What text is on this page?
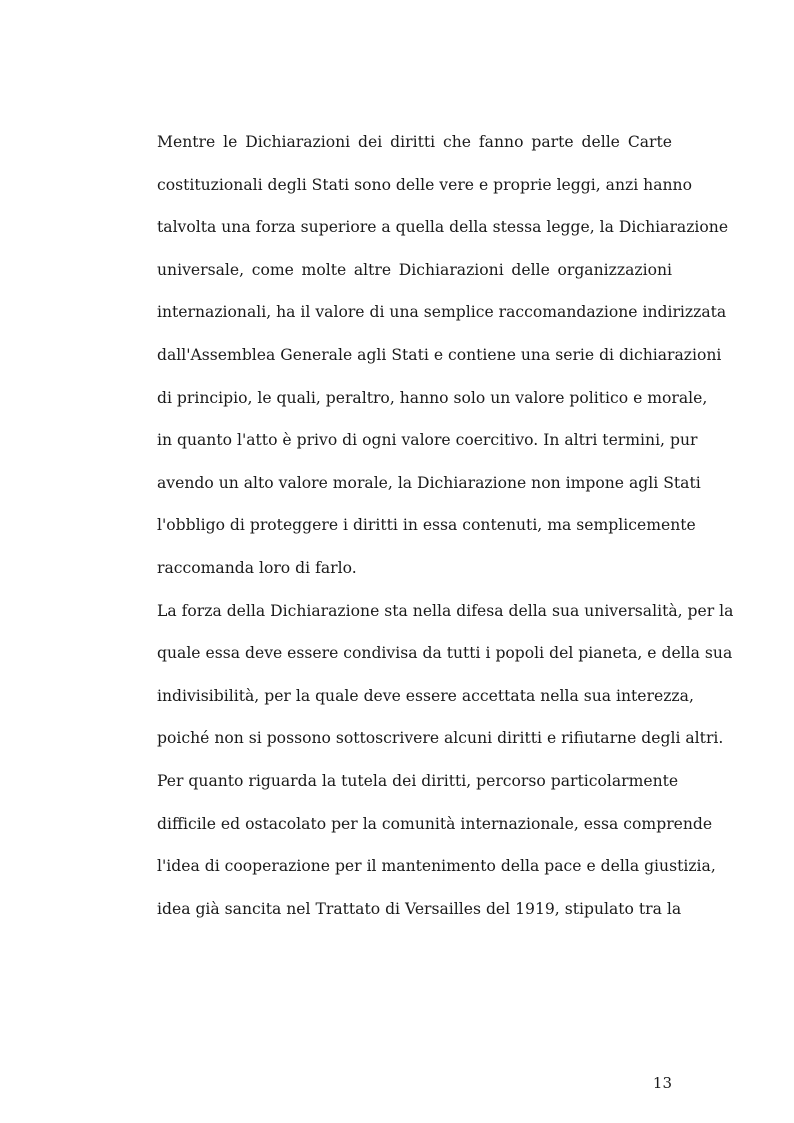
Mentre le Dichiarazioni dei diritti che fanno parte delle Carte
costituzionali degli Stati sono delle vere e proprie leggi, anzi hanno
talvolta una forza superiore a quella della stessa legge, la Dichiarazione
universale, come molte altre Dichiarazioni delle organizzazioni
internazionali, ha il valore di una semplice raccomandazione indirizzata
dall'Assemblea Generale agli Stati e contiene una serie di dichiarazioni
di principio, le quali, peraltro, hanno solo un valore politico e morale,
in quanto l'atto è privo di ogni valore coercitivo. In altri termini, pur
avendo un alto valore morale, la Dichiarazione non impone agli Stati
l'obbligo di proteggere i diritti in essa contenuti, ma semplicemente
raccomanda loro di farlo.
La forza della Dichiarazione sta nella difesa della sua universalità, per la
quale essa deve essere condivisa da tutti i popoli del pianeta, e della sua
indivisibilità, per la quale deve essere accettata nella sua interezza,
poiché non si possono sottoscrivere alcuni diritti e rifiutarne degli altri.
Per quanto riguarda la tutela dei diritti, percorso particolarmente
difficile ed ostacolato per la comunità internazionale, essa comprende
l'idea di cooperazione per il mantenimento della pace e della giustizia,
idea già sancita nel Trattato di Versailles del 1919, stipulato tra la
13
